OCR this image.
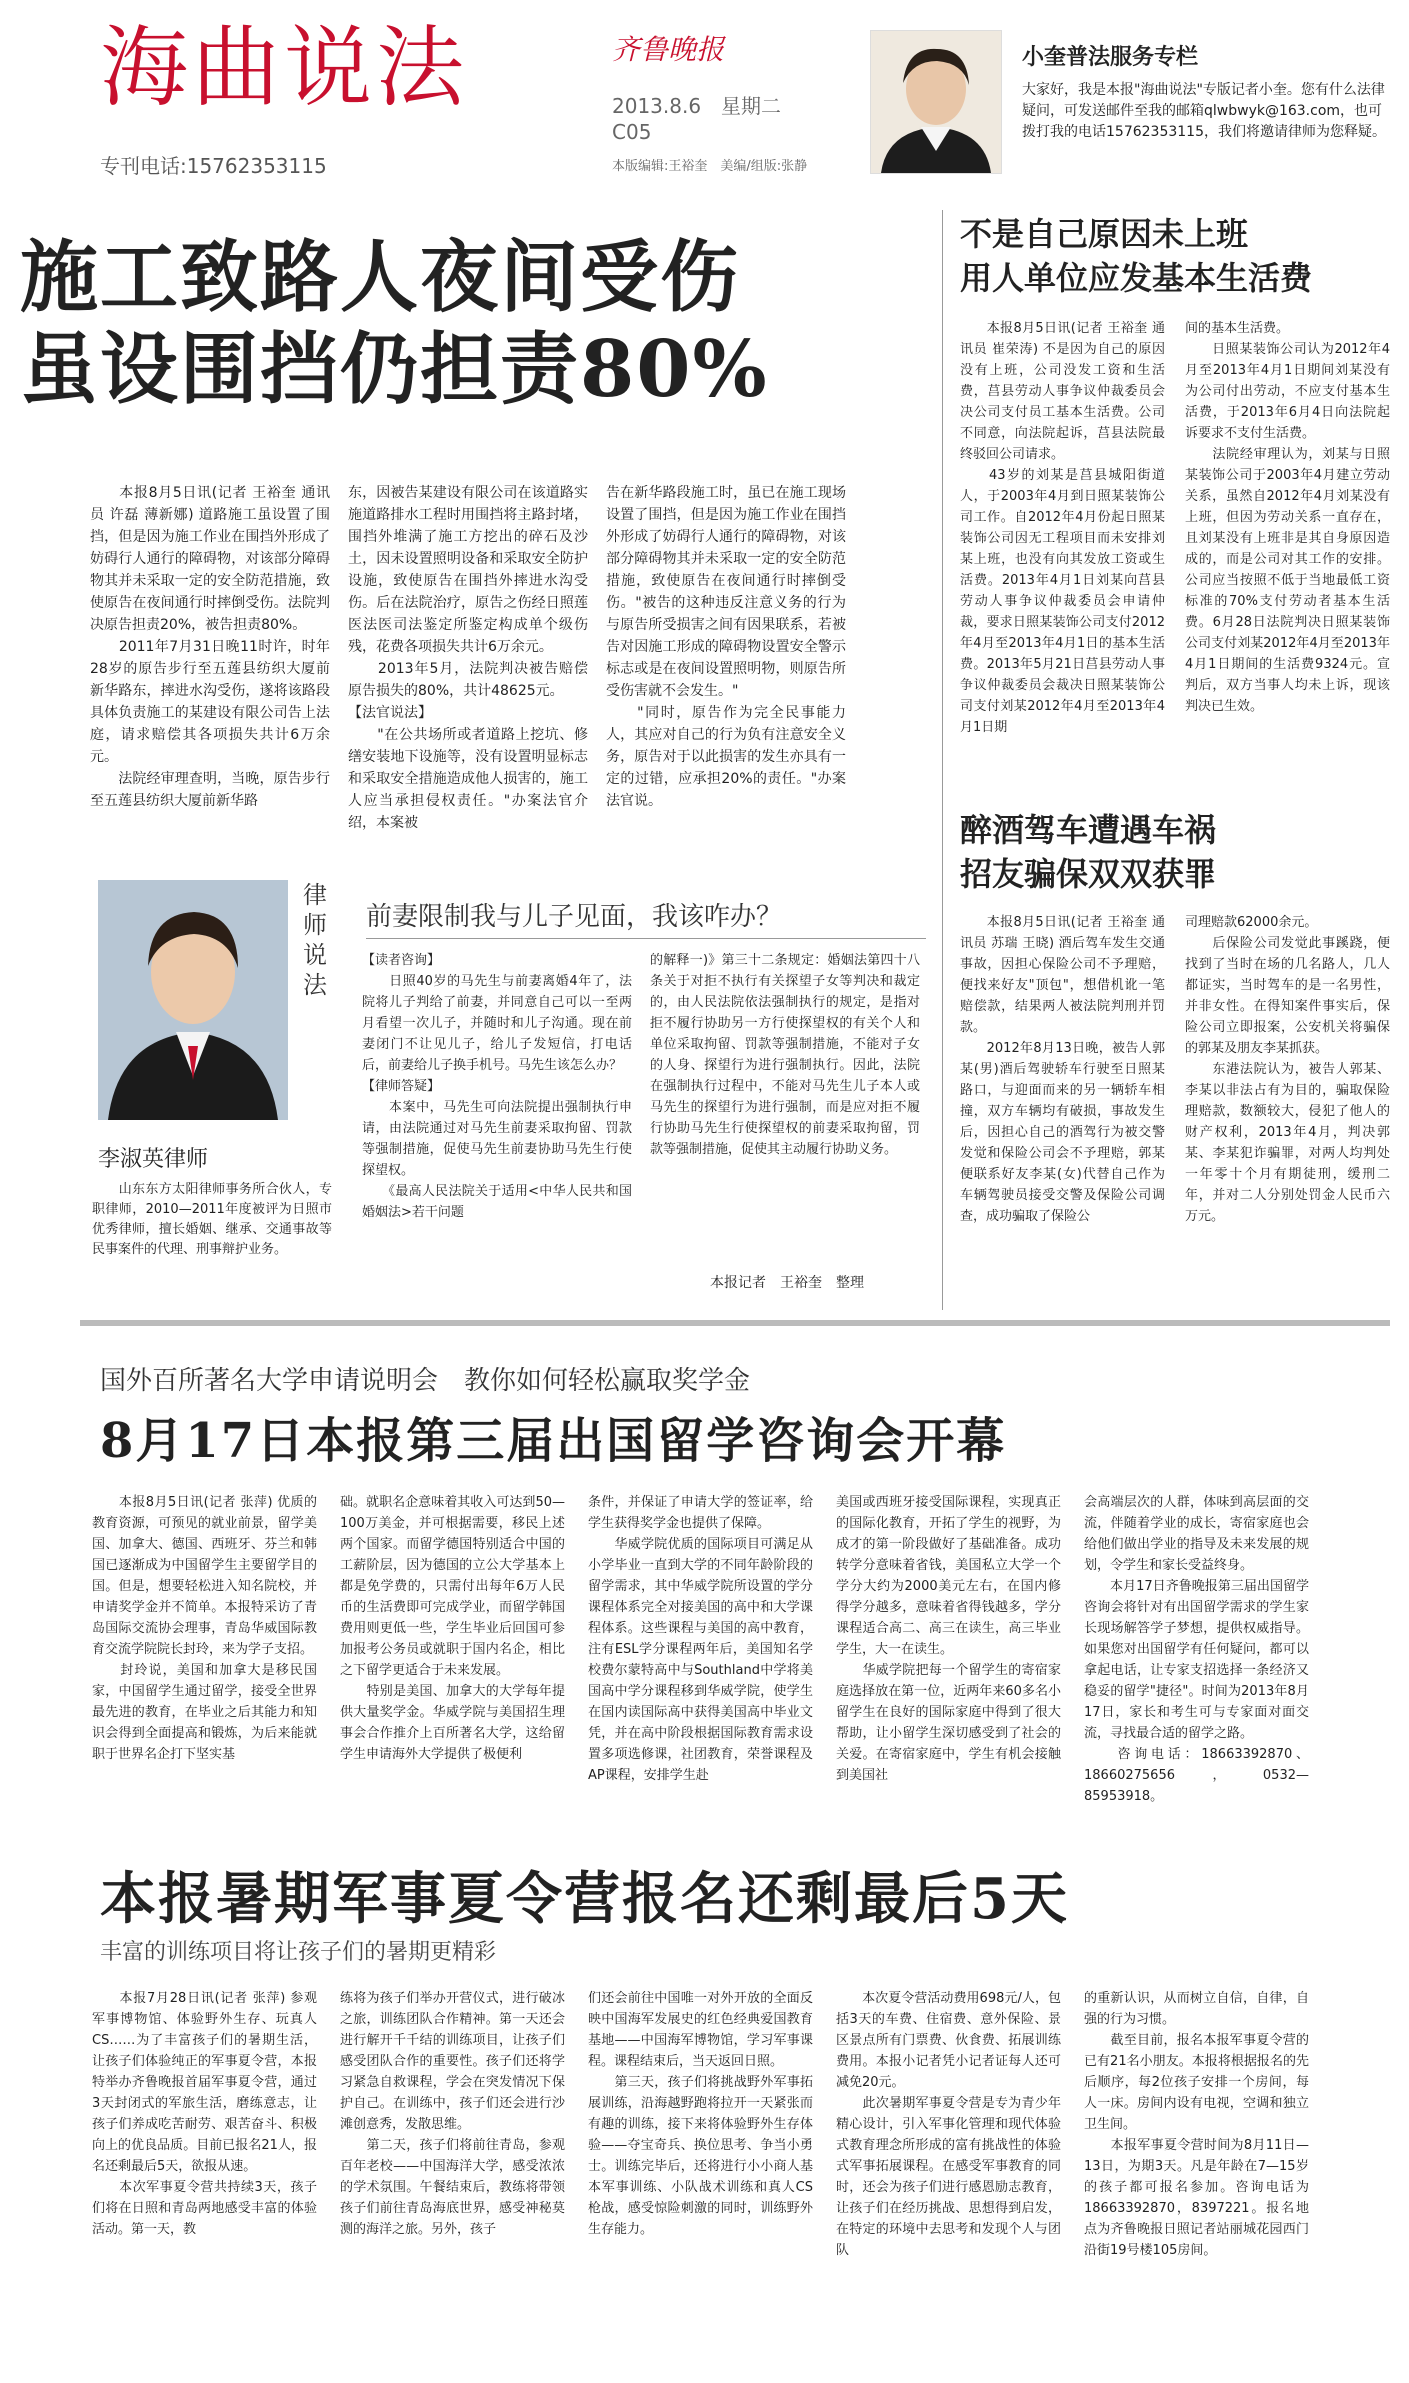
海曲说法
专刊电话:15762353115
齐鲁晚报
2013.8.6　星期二
C05
本版编辑:王裕奎　美编/组版:张静
小奎普法服务专栏
大家好，我是本报"海曲说法"专版记者小奎。您有什么法律疑问，可发送邮件至我的邮箱qlwbwyk@163.com，也可拨打我的电话15762353115，我们将邀请律师为您释疑。
施工致路人夜间受伤
虽设围挡仍担责80%
　　本报8月5日讯(记者 王裕奎 通讯员 许磊 薄新娜) 道路施工虽设置了围挡，但是因为施工作业在围挡外形成了妨碍行人通行的障碍物，对该部分障碍物其并未采取一定的安全防范措施，致使原告在夜间通行时摔倒受伤。法院判决原告担责20%，被告担责80%。
　　2011年7月31日晚11时许，时年28岁的原告步行至五莲县纺织大厦前新华路东，摔进水沟受伤，遂将该路段具体负责施工的某建设有限公司告上法庭，请求赔偿其各项损失共计6万余元。
　　法院经审理查明，当晚，原告步行至五莲县纺织大厦前新华路
东，因被告某建设有限公司在该道路实施道路排水工程时用围挡将主路封堵，围挡外堆满了施工方挖出的碎石及沙土，因未设置照明设备和采取安全防护设施，致使原告在围挡外摔进水沟受伤。后在法院治疗，原告之伤经日照莲医法医司法鉴定所鉴定构成单个级伤残，花费各项损失共计6万余元。
　　2013年5月，法院判决被告赔偿原告损失的80%，共计48625元。
【法官说法】
　　"在公共场所或者道路上挖坑、修缮安装地下设施等，没有设置明显标志和采取安全措施造成他人损害的，施工人应当承担侵权责任。"办案法官介绍，本案被
告在新华路段施工时，虽已在施工现场设置了围挡，但是因为施工作业在围挡外形成了妨碍行人通行的障碍物，对该部分障碍物其并未采取一定的安全防范措施，致使原告在夜间通行时摔倒受伤。"被告的这种违反注意义务的行为与原告所受损害之间有因果联系，若被告对因施工形成的障碍物设置安全警示标志或是在夜间设置照明物，则原告所受伤害就不会发生。"
　　"同时，原告作为完全民事能力人，其应对自己的行为负有注意安全义务，原告对于以此损害的发生亦具有一定的过错，应承担20%的责任。"办案法官说。
不是自己原因未上班
用人单位应发基本生活费
　　本报8月5日讯(记者 王裕奎 通讯员 崔荣涛) 不是因为自己的原因没有上班，公司没发工资和生活费，莒县劳动人事争议仲裁委员会决公司支付员工基本生活费。公司不同意，向法院起诉，莒县法院最终驳回公司请求。
　　43岁的刘某是莒县城阳街道人，于2003年4月到日照某装饰公司工作。自2012年4月份起日照某装饰公司因无工程项目而未安排刘某上班，也没有向其发放工资或生活费。2013年4月1日刘某向莒县劳动人事争议仲裁委员会申请仲裁，要求日照某装饰公司支付2012年4月至2013年4月1日的基本生活费。2013年5月21日莒县劳动人事争议仲裁委员会裁决日照某装饰公司支付刘某2012年4月至2013年4月1日期
间的基本生活费。
　　日照某装饰公司认为2012年4月至2013年4月1日期间刘某没有为公司付出劳动，不应支付基本生活费，于2013年6月4日向法院起诉要求不支付生活费。
　　法院经审理认为，刘某与日照某装饰公司于2003年4月建立劳动关系，虽然自2012年4月刘某没有上班，但因为劳动关系一直存在，且刘某没有上班非是其自身原因造成的，而是公司对其工作的安排。公司应当按照不低于当地最低工资标准的70%支付劳动者基本生活费。6月28日法院判决日照某装饰公司支付刘某2012年4月至2013年4月1日期间的生活费9324元。宣判后，双方当事人均未上诉，现该判决已生效。
醉酒驾车遭遇车祸
招友骗保双双获罪
　　本报8月5日讯(记者 王裕奎 通讯员 苏瑞 王晓) 酒后驾车发生交通事故，因担心保险公司不予理赔，便找来好友"顶包"，想借机讹一笔赔偿款，结果两人被法院判刑并罚款。
　　2012年8月13日晚，被告人郭某(男)酒后驾驶轿车行驶至日照某路口，与迎面而来的另一辆轿车相撞，双方车辆均有破损，事故发生后，因担心自己的酒驾行为被交警发觉和保险公司会不予理赔，郭某便联系好友李某(女)代替自己作为车辆驾驶员接受交警及保险公司调查，成功骗取了保险公
司理赔款62000余元。
　　后保险公司发觉此事蹊跷，便找到了当时在场的几名路人，几人都证实，当时驾车的是一名男性，并非女性。在得知案件事实后，保险公司立即报案，公安机关将骗保的郭某及朋友李某抓获。
　　东港法院认为，被告人郭某、李某以非法占有为目的，骗取保险理赔款，数额较大，侵犯了他人的财产权利，2013年4月，判决郭某、李某犯诈骗罪，对两人均判处一年零十个月有期徒刑，缓刑二年，并对二人分别处罚金人民币六万元。
律师说法
李淑英律师
　　山东东方太阳律师事务所合伙人，专职律师，2010—2011年度被评为日照市优秀律师，擅长婚姻、继承、交通事故等民事案件的代理、刑事辩护业务。
前妻限制我与儿子见面，我该咋办？
【读者咨询】
　　日照40岁的马先生与前妻离婚4年了，法院将儿子判给了前妻，并同意自己可以一至两月看望一次儿子，并随时和儿子沟通。现在前妻闭门不让见儿子，给儿子发短信，打电话后，前妻给儿子换手机号。马先生该怎么办？
【律师答疑】
　　本案中，马先生可向法院提出强制执行申请，由法院通过对马先生前妻采取拘留、罚款等强制措施，促使马先生前妻协助马先生行使探望权。
　　《最高人民法院关于适用<中华人民共和国婚姻法>若干问题
的解释一)》第三十二条规定：婚姻法第四十八条关于对拒不执行有关探望子女等判决和裁定的，由人民法院依法强制执行的规定，是指对拒不履行协助另一方行使探望权的有关个人和单位采取拘留、罚款等强制措施，不能对子女的人身、探望行为进行强制执行。因此，法院在强制执行过程中，不能对马先生儿子本人或马先生的探望行为进行强制，而是应对拒不履行协助马先生行使探望权的前妻采取拘留，罚款等强制措施，促使其主动履行协助义务。
本报记者　王裕奎　整理
国外百所著名大学申请说明会　教你如何轻松赢取奖学金
8月17日本报第三届出国留学咨询会开幕
　　本报8月5日讯(记者 张萍) 优质的教育资源，可预见的就业前景，留学美国、加拿大、德国、西班牙、芬兰和韩国已逐渐成为中国留学生主要留学目的国。但是，想要轻松进入知名院校，并申请奖学金并不简单。本报特采访了青岛国际交流协会理事，青岛华威国际教育交流学院院长封玲，来为学子支招。
　　封玲说，美国和加拿大是移民国家，中国留学生通过留学，接受全世界最先进的教育，在毕业之后其能力和知识会得到全面提高和锻炼，为后来能就职于世界名企打下坚实基
础。就职名企意味着其收入可达到50—100万美金，并可根据需要，移民上述两个国家。而留学德国特别适合中国的工薪阶层，因为德国的立公大学基本上都是免学费的，只需付出每年6万人民币的生活费即可完成学业，而留学韩国费用则更低一些，学生毕业后回国可参加报考公务员或就职于国内名企，相比之下留学更适合于未来发展。
　　特别是美国、加拿大的大学每年提供大量奖学金。华威学院与美国招生理事会合作推介上百所著名大学，这给留学生申请海外大学提供了极便利
条件，并保证了申请大学的签证率，给学生获得奖学金也提供了保障。
　　华威学院优质的国际项目可满足从小学毕业一直到大学的不同年龄阶段的留学需求，其中华威学院所设置的学分课程体系完全对接美国的高中和大学课程体系。这些课程与美国的高中教育，注有ESL学分课程两年后，美国知名学校费尔蒙特高中与Southland中学将美国高中学分课程移到华威学院，使学生在国内读国际高中获得美国高中毕业文凭，并在高中阶段根据国际教育需求设置多项选修课，社团教育，荣誉课程及AP课程，安排学生赴
美国或西班牙接受国际课程，实现真正的国际化教育，开拓了学生的视野，为成才的第一阶段做好了基础准备。成功转学分意味着省钱，美国私立大学一个学分大约为2000美元左右，在国内修得学分越多，意味着省得钱越多，学分课程适合高二、高三在读生，高三毕业学生，大一在读生。
　　华威学院把每一个留学生的寄宿家庭选择放在第一位，近两年来60多名小留学生在良好的国际家庭中得到了很大帮助，让小留学生深切感受到了社会的关爱。在寄宿家庭中，学生有机会接触到美国社
会高端层次的人群，体味到高层面的交流，伴随着学业的成长，寄宿家庭也会给他们做出学业的指导及未来发展的规划，令学生和家长受益终身。
　　本月17日齐鲁晚报第三届出国留学咨询会将针对有出国留学需求的学生家长现场解答学子梦想，提供权威指导。如果您对出国留学有任何疑问，都可以拿起电话，让专家支招选择一条经济又稳妥的留学"捷径"。时间为2013年8月17日，家长和考生可与专家面对面交流，寻找最合适的留学之路。
　　咨询电话：18663392870、18660275656，0532—85953918。
本报暑期军事夏令营报名还剩最后5天
丰富的训练项目将让孩子们的暑期更精彩
　　本报7月28日讯(记者 张萍) 参观军事博物馆、体验野外生存、玩真人CS……为了丰富孩子们的暑期生活，让孩子们体验纯正的军事夏令营，本报特举办齐鲁晚报首届军事夏令营，通过3天封闭式的军旅生活，磨练意志，让孩子们养成吃苦耐劳、艰苦奋斗、积极向上的优良品质。目前已报名21人，报名还剩最后5天，欲报从速。
　　本次军事夏令营共持续3天，孩子们将在日照和青岛两地感受丰富的体验活动。第一天，教
练将为孩子们举办开营仪式，进行破冰之旅，训练团队合作精神。第一天还会进行解开千千结的训练项目，让孩子们感受团队合作的重要性。孩子们还将学习紧急自救课程，学会在突发情况下保护自己。在训练中，孩子们还会进行沙滩创意秀，发散思维。
　　第二天，孩子们将前往青岛，参观百年老校——中国海洋大学，感受浓浓的学术氛围。午餐结束后，教练将带领孩子们前往青岛海底世界，感受神秘莫测的海洋之旅。另外，孩子
们还会前往中国唯一对外开放的全面反映中国海军发展史的红色经典爱国教育基地——中国海军博物馆，学习军事课程。课程结束后，当天返回日照。
　　第三天，孩子们将挑战野外军事拓展训练，沿海越野跑将拉开一天紧张而有趣的训练，接下来将体验野外生存体验——夺宝奇兵、换位思考、争当小勇士。训练完毕后，还将进行小小商人基本军事训练、小队战术训练和真人CS枪战，感受惊险刺激的同时，训练野外生存能力。
　　本次夏令营活动费用698元/人，包括3天的车费、住宿费、意外保险、景区景点所有门票费、伙食费、拓展训练费用。本报小记者凭小记者证每人还可减免20元。
　　此次暑期军事夏令营是专为青少年精心设计，引入军事化管理和现代体验式教育理念所形成的富有挑战性的体验式军事拓展课程。在感受军事教育的同时，还会为孩子们进行感恩励志教育，让孩子们在经历挑战、思想得到启发，在特定的环境中去思考和发现个人与团队
的重新认识，从而树立自信，自律，自强的行为习惯。
　　截至目前，报名本报军事夏令营的已有21名小朋友。本报将根据报名的先后顺序，每2位孩子安排一个房间，每人一床。房间内设有电视，空调和独立卫生间。
　　本报军事夏令营时间为8月11日—13日，为期3天。凡是年龄在7—15岁的孩子都可报名参加。咨询电话为18663392870，8397221。报名地点为齐鲁晚报日照记者站丽城花园西门沿街19号楼105房间。
